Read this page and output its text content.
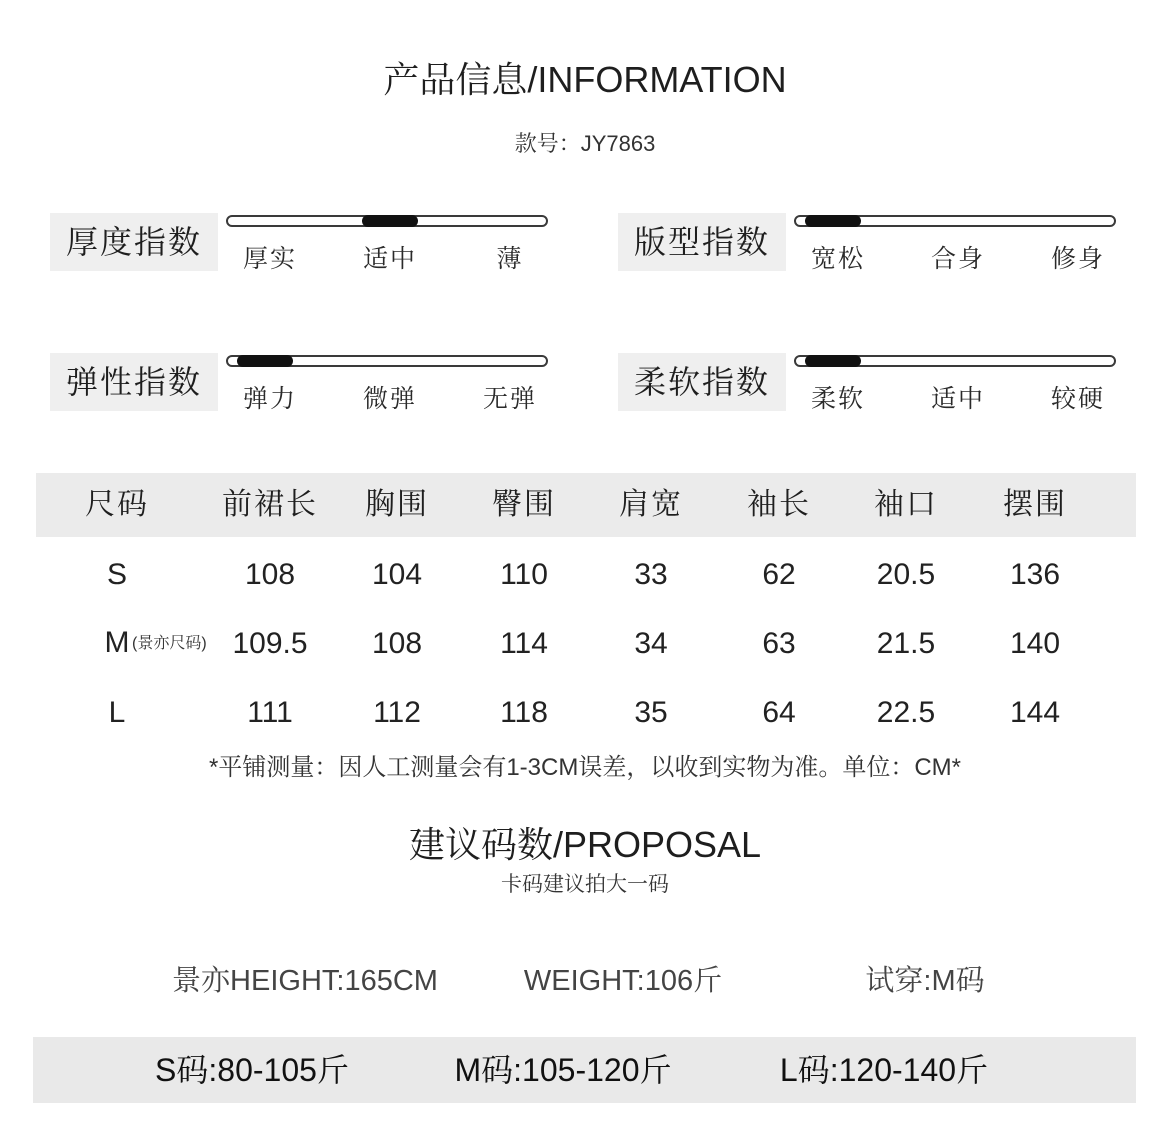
产品信息/INFORMATION
款号：JY7863
厚度指数	厚实	适中	薄	版型指数	宽松	合身	修身
弹性指数	弹力	微弹	无弹	柔软指数	柔软	适中	较硬
尺码	前裙长	胸围	臀围	肩宽	袖长	袖口	摆围
S	108	104	110	33	62	20.5	136
M (景亦尺码) 109.5	108	114	34	63	21.5	140
L	111	112	118	35	64	22.5	144
*平铺测量：因人工测量会有1-3CM误差，以收到实物为准。单位：CM*
建议码数/PROPOSAL
卡码建议拍大一码
景亦HEIGHT:165CM	WEIGHT:106斤	试穿:M码
S码:80-105斤	M码:105-120斤	L码:120-140斤
